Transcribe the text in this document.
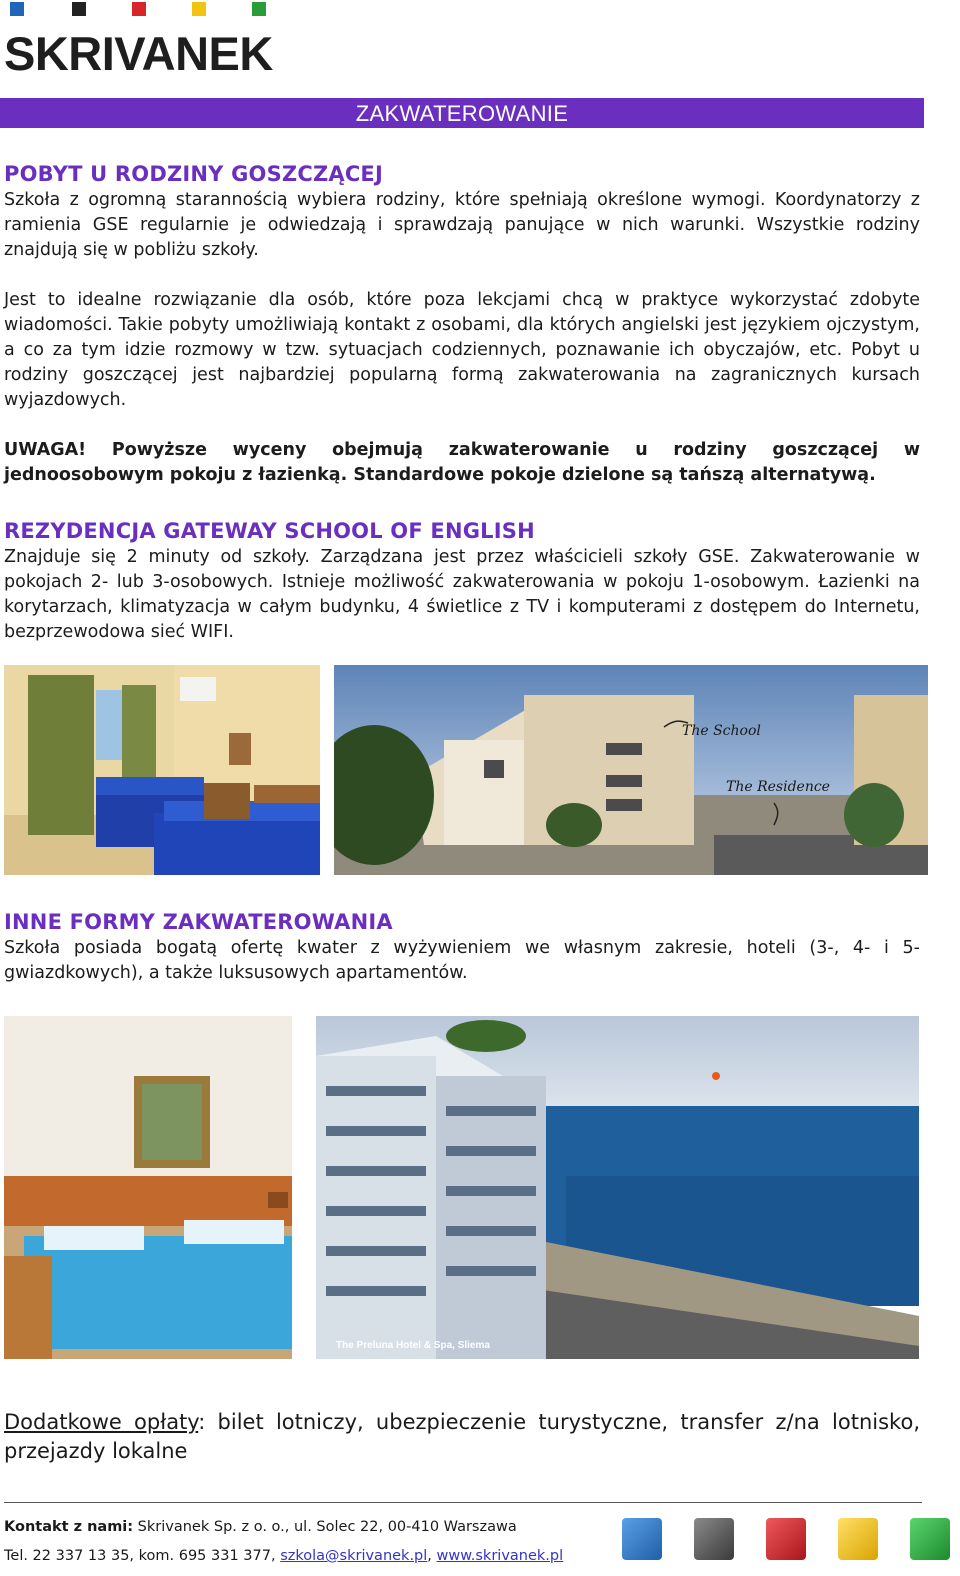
SKRIVANEK
ZAKWATEROWANIE
POBYT U RODZINY GOSZCZĄCEJ

Szkoła z ogromną starannością wybiera rodziny, które spełniają określone wymogi. Koordynatorzy z ramienia GSE regularnie je odwiedzają i sprawdzają panujące w nich warunki. Wszystkie rodziny znajdują się w pobliżu szkoły.

Jest to idealne rozwiązanie dla osób, które poza lekcjami chcą w praktyce wykorzystać zdobyte wiadomości. Takie pobyty umożliwiają kontakt z osobami, dla których angielski jest językiem ojczystym, a co za tym idzie rozmowy w tzw. sytuacjach codziennych, poznawanie ich obyczajów, etc. Pobyt u rodziny goszczącej jest najbardziej popularną formą zakwaterowania na zagranicznych kursach wyjazdowych.

UWAGA! Powyższe wyceny obejmują zakwaterowanie u rodziny goszczącej w jednoosobowym pokoju z łazienką. Standardowe pokoje dzielone są tańszą alternatywą.

REZYDENCJA GATEWAY SCHOOL OF ENGLISH

Znajduje się 2 minuty od szkoły. Zarządzana jest przez właścicieli szkoły GSE. Zakwaterowanie w pokojach 2- lub 3-osobowych. Istnieje możliwość zakwaterowania w pokoju 1-osobowym. Łazienki na korytarzach, klimatyzacja w całym budynku, 4 świetlice z TV i komputerami z dostępem do Internetu, bezprzewodowa sieć WIFI.

The School
The Residence
INNE FORMY ZAKWATEROWANIA

Szkoła posiada bogatą ofertę kwater z wyżywieniem we własnym zakresie, hoteli (3-, 4- i 5-gwiazdkowych), a także luksusowych apartamentów.

The Preluna Hotel & Spa, Sliema
Dodatkowe opłaty: bilet lotniczy, ubezpieczenie turystyczne, transfer z/na lotnisko, przejazdy lokalne
Kontakt z nami: Skrivanek Sp. z o. o., ul. Solec 22, 00-410 Warszawa
Tel. 22 337 13 35, kom. 695 331 377, szkola@skrivanek.pl, www.skrivanek.pl
